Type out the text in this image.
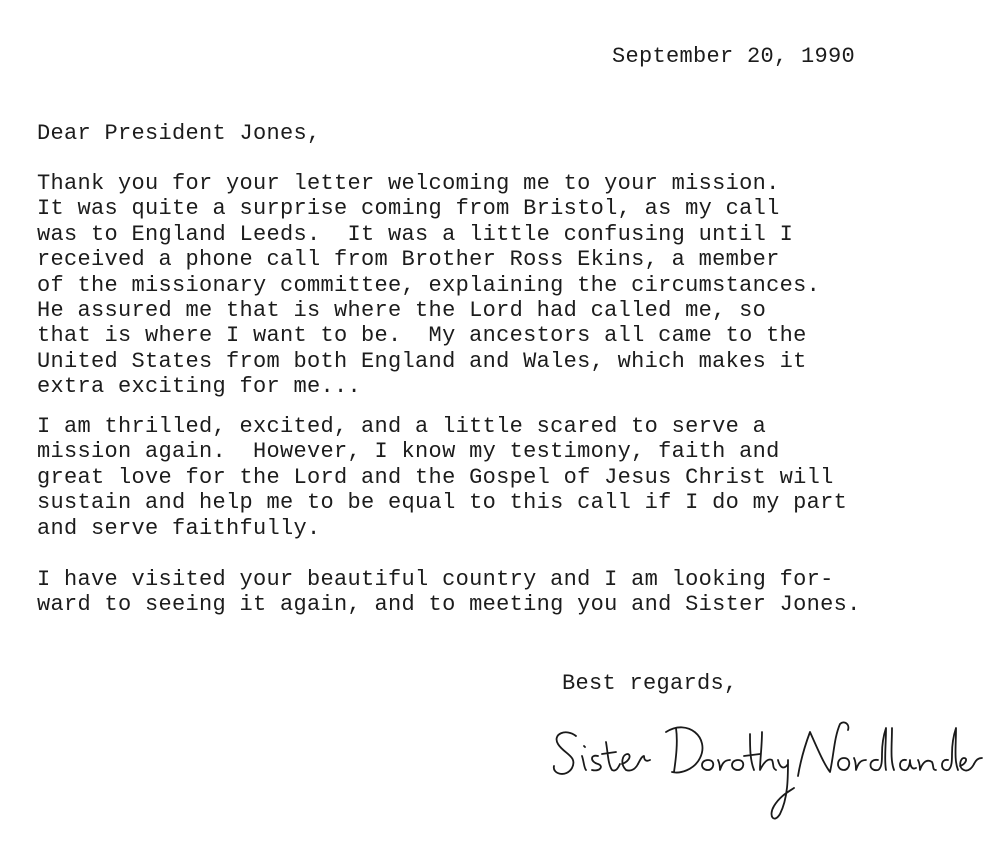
September 20, 1990
Dear President Jones,
Thank you for your letter welcoming me to your mission.
It was quite a surprise coming from Bristol, as my call
was to England Leeds.  It was a little confusing until I
received a phone call from Brother Ross Ekins, a member
of the missionary committee, explaining the circumstances.
He assured me that is where the Lord had called me, so
that is where I want to be.  My ancestors all came to the
United States from both England and Wales, which makes it
extra exciting for me...
I am thrilled, excited, and a little scared to serve a
mission again.  However, I know my testimony, faith and
great love for the Lord and the Gospel of Jesus Christ will
sustain and help me to be equal to this call if I do my part
and serve faithfully.
I have visited your beautiful country and I am looking for-
ward to seeing it again, and to meeting you and Sister Jones.
Best regards,
